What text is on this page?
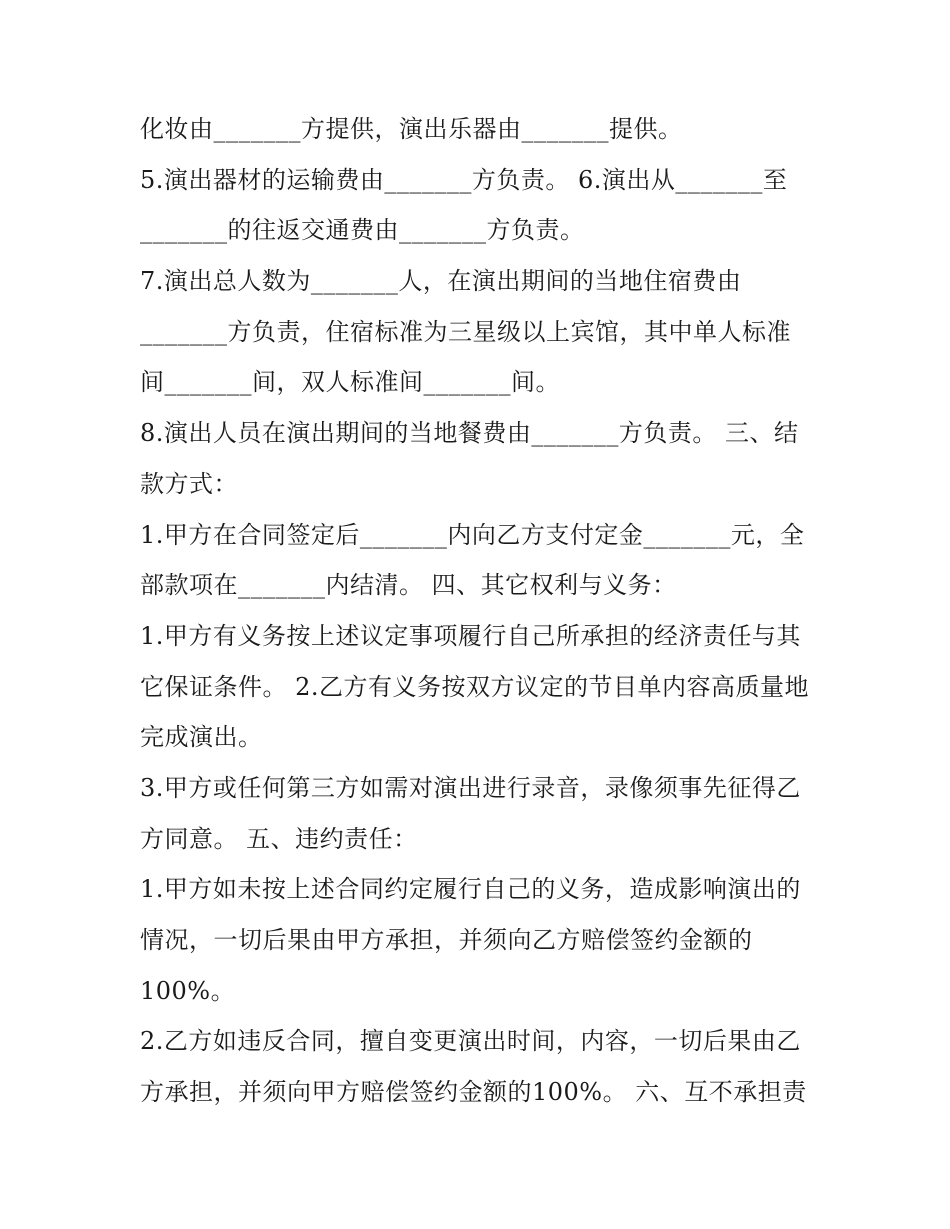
化妆由_______方提供，演出乐器由_______提供。
5.演出器材的运输费由_______方负责。 6.演出从_______至
_______的往返交通费由_______方负责。
7.演出总人数为_______人，在演出期间的当地住宿费由
_______方负责，住宿标准为三星级以上宾馆，其中单人标准
间_______间，双人标准间_______间。
8.演出人员在演出期间的当地餐费由_______方负责。 三、结
款方式：
1.甲方在合同签定后_______内向乙方支付定金_______元，全
部款项在_______内结清。 四、其它权利与义务：
1.甲方有义务按上述议定事项履行自己所承担的经济责任与其
它保证条件。 2.乙方有义务按双方议定的节目单内容高质量地
完成演出。
3.甲方或任何第三方如需对演出进行录音，录像须事先征得乙
方同意。 五、违约责任：
1.甲方如未按上述合同约定履行自己的义务，造成影响演出的
情况，一切后果由甲方承担，并须向乙方赔偿签约金额的
100%。
2.乙方如违反合同，擅自变更演出时间，内容，一切后果由乙
方承担，并须向甲方赔偿签约金额的100%。 六、互不承担责
